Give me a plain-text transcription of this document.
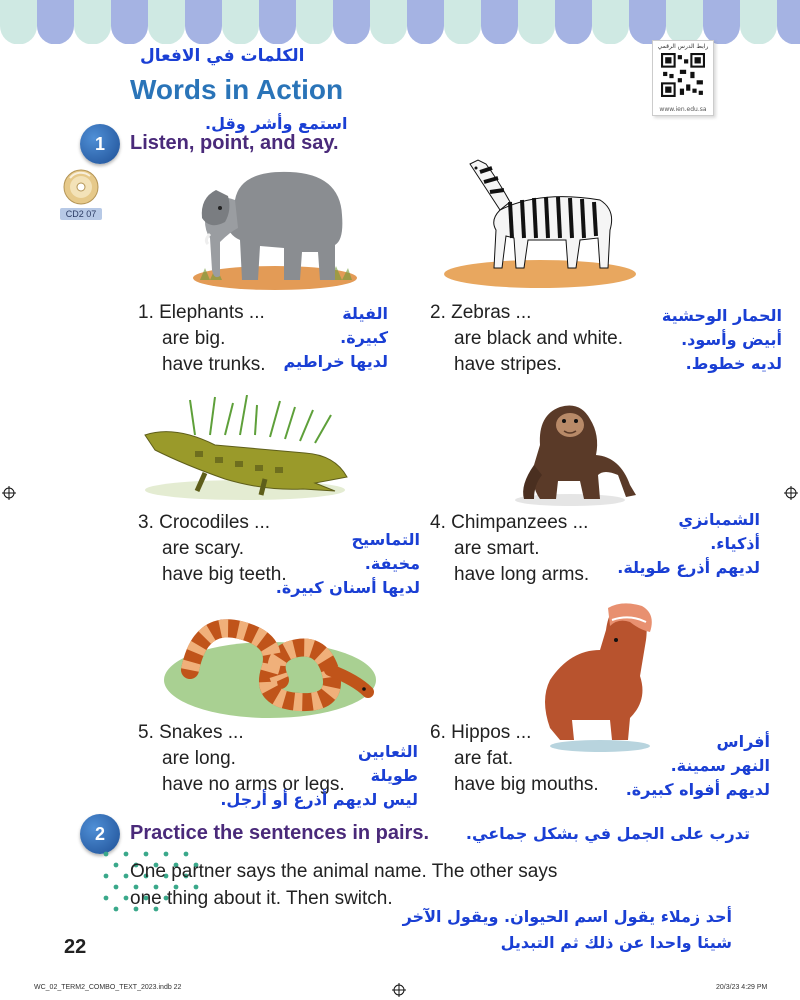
رابط الدرس الرقمي
www.ien.edu.sa
الكلمات في الافعال
Words in Action
استمع وأشر وقل.
1	Listen, point, and say.
CD2 07
1. Elephants ...
are big.
have trunks.
الفيلة
كبيرة.
لديها خراطيم
2. Zebras ...
are black and white.
have stripes.
الحمار الوحشية
أبيض وأسود.
لديه خطوط.
3. Crocodiles ...
are scary.
have big teeth.
التماسيح
مخيفة.
لديها أسنان كبيرة.
4. Chimpanzees ...
are smart.
have long arms.
الشمبانزي
أذكياء.
لديهم أذرع طويلة.
5. Snakes ...
are long.
have no arms or legs.
الثعابين
طويلة
ليس لديهم أذرع أو أرجل.
6. Hippos ...
are fat.
have big mouths.
أفراس
النهر سمينة.
لديهم أفواه كبيرة.
2	Practice the sentences in pairs. تدرب على الجمل في بشكل جماعي.
One partner says the animal name. The other says
one thing about it. Then switch.
أحد زملاء يقول اسم الحيوان. ويقول الآخر
شيئا واحدا عن ذلك ثم التبديل
22
WC_02_TERM2_COMBO_TEXT_2023.indb 22	20/3/23 4:29 PM
